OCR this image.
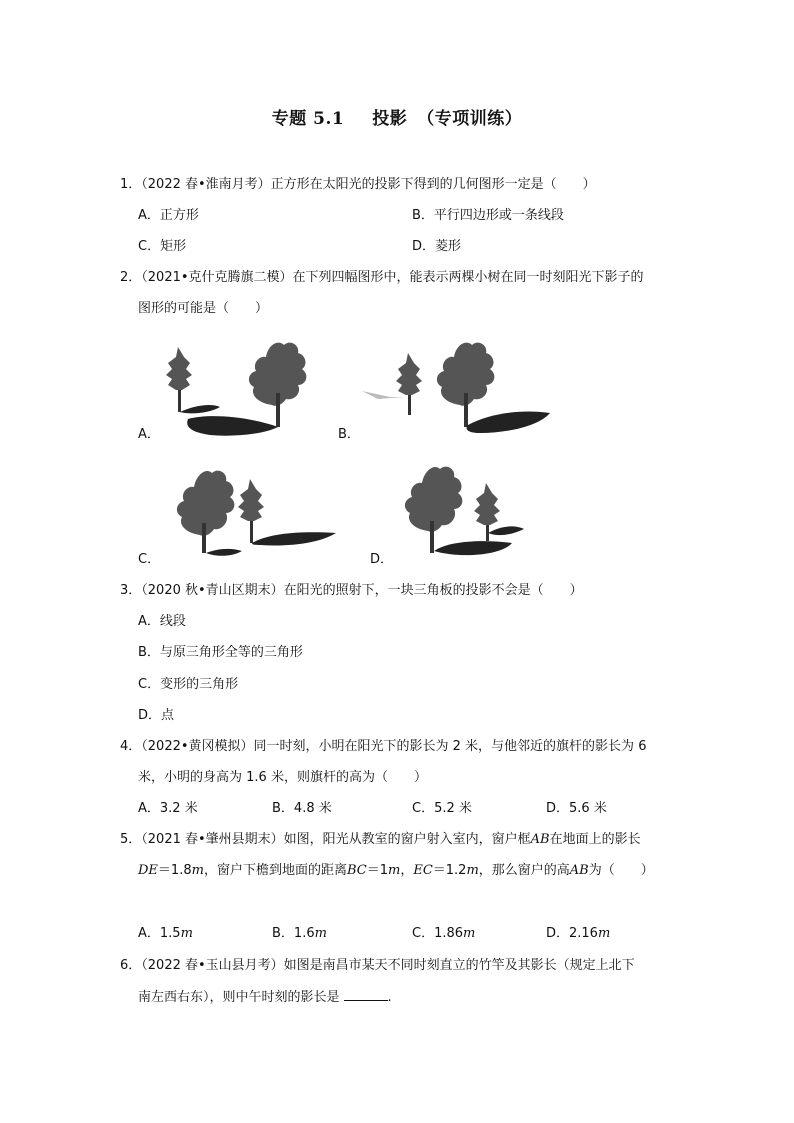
专题 5.1 投影 （专项训练）
1．（2022 春•淮南月考）正方形在太阳光的投影下得到的几何图形一定是（　　）
A．正方形	B．平行四边形或一条线段
C．矩形	D．菱形
2．（2021•克什克腾旗二模）在下列四幅图形中，能表示两棵小树在同一时刻阳光下影子的
图形的可能是（　　）
A．	B．
C．	D．
3．（2020 秋•青山区期末）在阳光的照射下，一块三角板的投影不会是（　　）
A．线段
B．与原三角形全等的三角形
C．变形的三角形
D．点
4．（2022•黄冈模拟）同一时刻，小明在阳光下的影长为 2 米，与他邻近的旗杆的影长为 6
米，小明的身高为 1.6 米，则旗杆的高为（　　）
A．3.2 米	B．4.8 米	C．5.2 米	D．5.6 米
5．（2021 春•肇州县期末）如图，阳光从教室的窗户射入室内，窗户框AB在地面上的影长
DE＝1.8m，窗户下檐到地面的距离BC＝1m，EC＝1.2m，那么窗户的高AB为（　　）
A．1.5m	B．1.6m	C．1.86m	D．2.16m
6．（2022 春•玉山县月考）如图是南昌市某天不同时刻直立的竹竿及其影长（规定上北下
南左西右东），则中午时刻的影长是	.
